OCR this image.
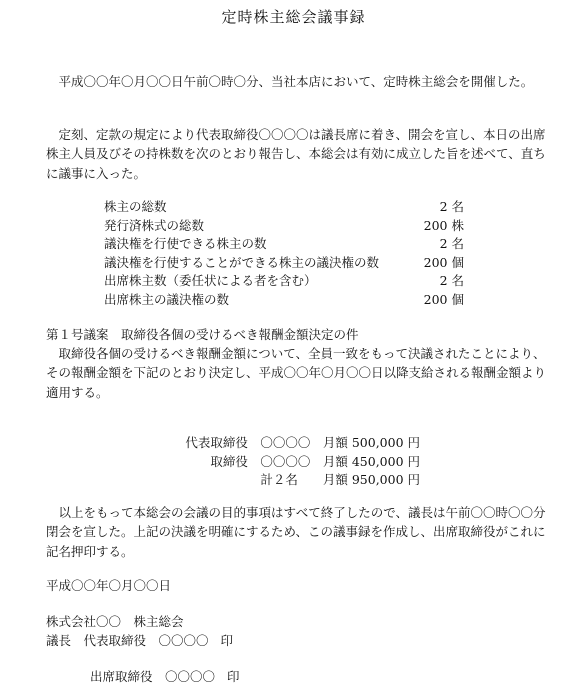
定時株主総会議事録
平成〇〇年〇月〇〇日午前〇時〇分、当社本店において、定時株主総会を開催した。
定刻、定款の規定により代表取締役〇〇〇〇は議長席に着き、開会を宣し、本日の出席株主人員及びその持株数を次のとおり報告し、本総会は有効に成立した旨を述べて、直ちに議事に入った。
株主の総数	2 名
発行済株式の総数	200 株
議決権を行使できる株主の数	2 名
議決権を行使することができる株主の議決権の数	200 個
出席株主数（委任状による者を含む）	2 名
出席株主の議決権の数	200 個
第１号議案　取締役各個の受けるべき報酬金額決定の件
取締役各個の受けるべき報酬金額について、全員一致をもって決議されたことにより、その報酬金額を下記のとおり決定し、平成〇〇年〇月〇〇日以降支給される報酬金額より適用する。
代表取締役　〇〇〇〇　月額 500,000 円
取締役　〇〇〇〇　月額 450,000 円
計２名　　月額 950,000 円
以上をもって本総会の会議の目的事項はすべて終了したので、議長は午前〇〇時〇〇分閉会を宣した。上記の決議を明確にするため、この議事録を作成し、出席取締役がこれに記名押印する。
平成〇〇年〇月〇〇日
株式会社〇〇　株主総会
議長　代表取締役　〇〇〇〇 印
出席取締役　〇〇〇〇 印
